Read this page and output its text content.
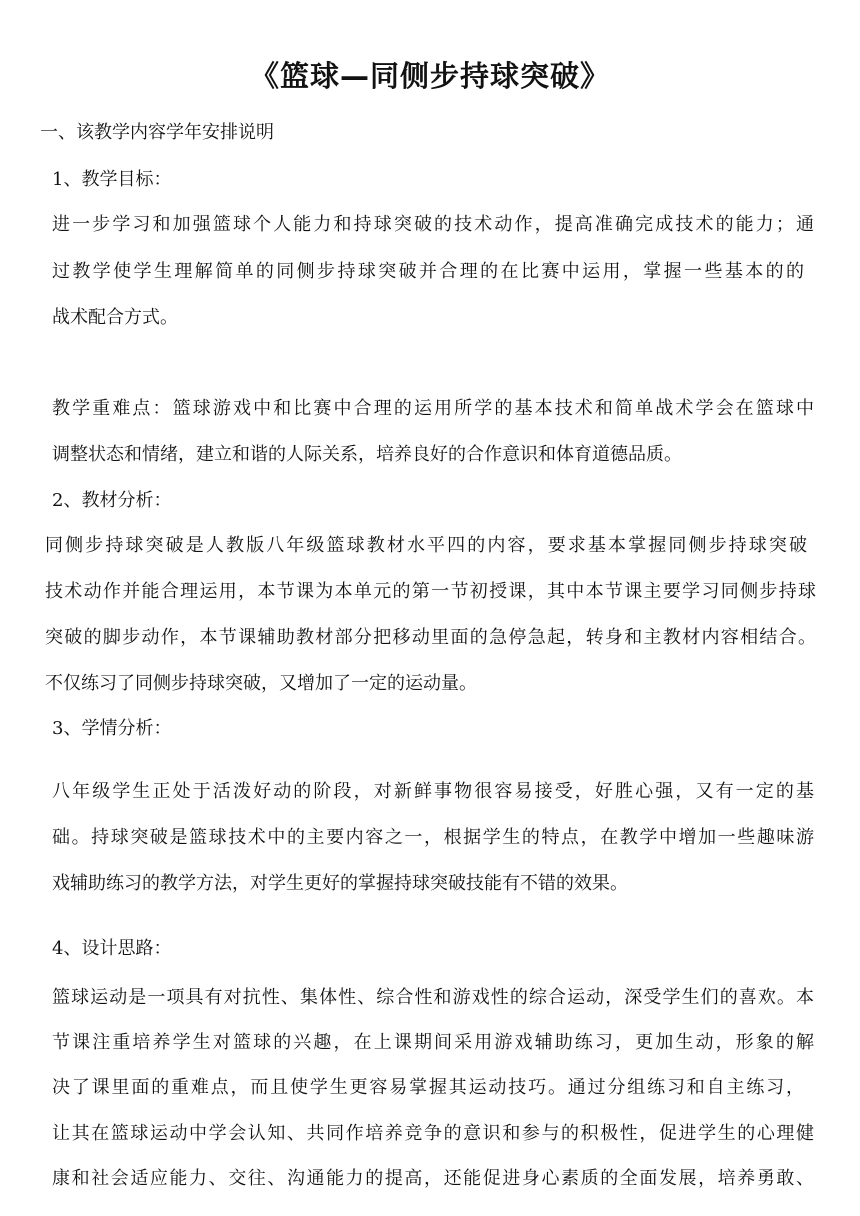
《篮球—同侧步持球突破》
一、该教学内容学年安排说明
1、教学目标：
进一步学习和加强篮球个人能力和持球突破的技术动作，提高准确完成技术的能力；通
过教学使学生理解简单的同侧步持球突破并合理的在比赛中运用，掌握一些基本的的
战术配合方式。
教学重难点：篮球游戏中和比赛中合理的运用所学的基本技术和简单战术学会在篮球中
调整状态和情绪，建立和谐的人际关系，培养良好的合作意识和体育道德品质。
2、教材分析：
同侧步持球突破是人教版八年级篮球教材水平四的内容，要求基本掌握同侧步持球突破
技术动作并能合理运用，本节课为本单元的第一节初授课，其中本节课主要学习同侧步持球
突破的脚步动作，本节课辅助教材部分把移动里面的急停急起，转身和主教材内容相结合。
不仅练习了同侧步持球突破，又增加了一定的运动量。
3、学情分析：
八年级学生正处于活泼好动的阶段，对新鲜事物很容易接受，好胜心强，又有一定的基
础。持球突破是篮球技术中的主要内容之一，根据学生的特点，在教学中增加一些趣味游
戏辅助练习的教学方法，对学生更好的掌握持球突破技能有不错的效果。
4、设计思路：
篮球运动是一项具有对抗性、集体性、综合性和游戏性的综合运动，深受学生们的喜欢。本
节课注重培养学生对篮球的兴趣，在上课期间采用游戏辅助练习，更加生动，形象的解
决了课里面的重难点，而且使学生更容易掌握其运动技巧。通过分组练习和自主练习，
让其在篮球运动中学会认知、共同作培养竞争的意识和参与的积极性，促进学生的心理健
康和社会适应能力、交往、沟通能力的提高，还能促进身心素质的全面发展，培养勇敢、
